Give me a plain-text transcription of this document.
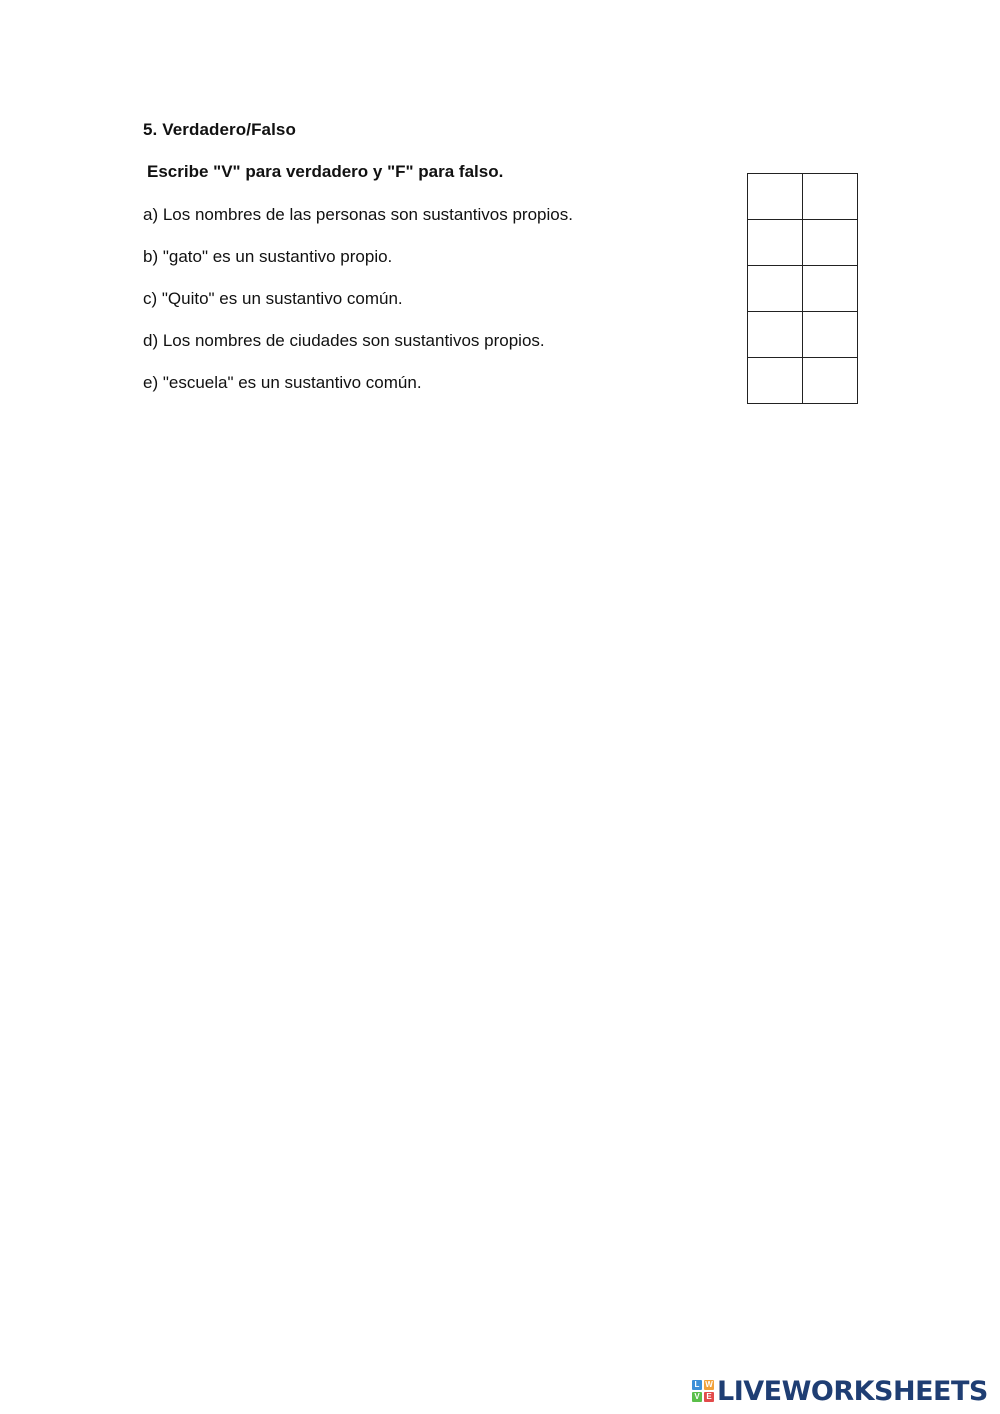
5. Verdadero/Falso
Escribe "V" para verdadero y "F" para falso.
a) Los nombres de las personas son sustantivos propios.
b) "gato" es un sustantivo propio.
c) "Quito" es un sustantivo común.
d) Los nombres de ciudades son sustantivos propios.
e) "escuela" es un sustantivo común.

L W
V E LIVEWORKSHEETS
